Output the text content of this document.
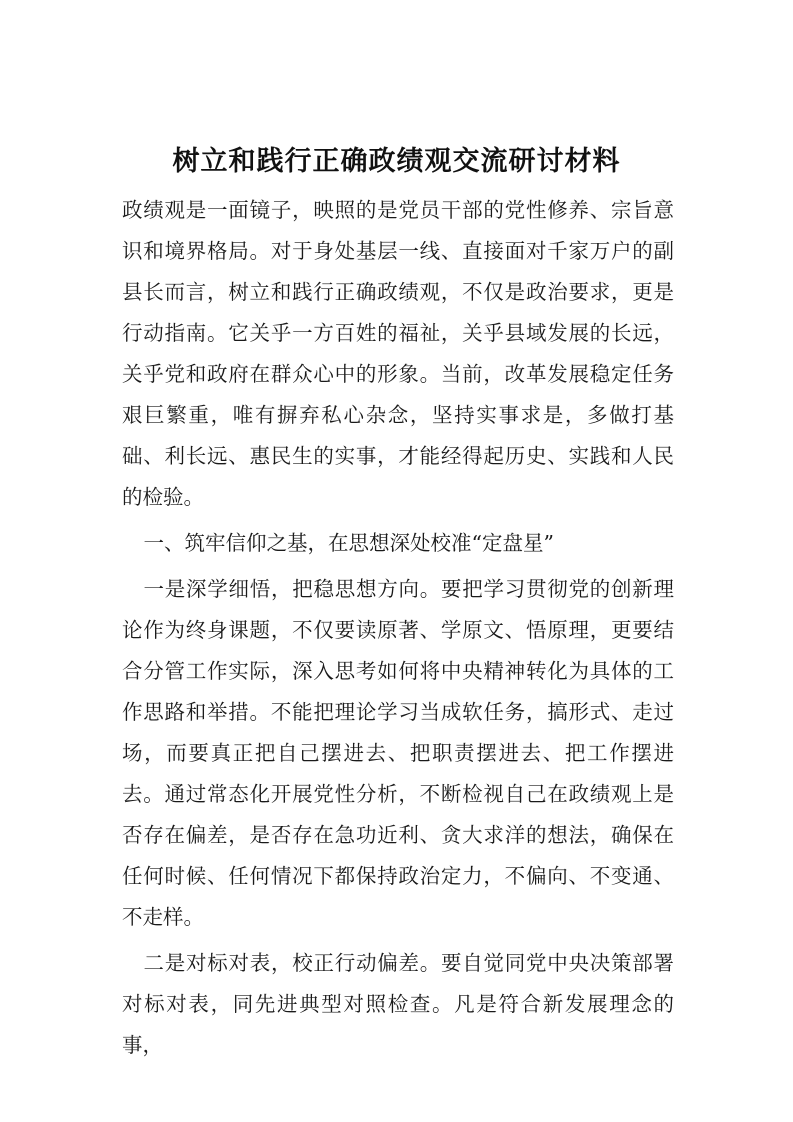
树立和践行正确政绩观交流研讨材料

政绩观是一面镜子，映照的是党员干部的党性修养、宗旨意识和境界格局。对于身处基层一线、直接面对千家万户的副县长而言，树立和践行正确政绩观，不仅是政治要求，更是行动指南。它关乎一方百姓的福祉，关乎县域发展的长远，关乎党和政府在群众心中的形象。当前，改革发展稳定任务艰巨繁重，唯有摒弃私心杂念，坚持实事求是，多做打基础、利长远、惠民生的实事，才能经得起历史、实践和人民的检验。

一、筑牢信仰之基，在思想深处校准“定盘星”

一是深学细悟，把稳思想方向。要把学习贯彻党的创新理论作为终身课题，不仅要读原著、学原文、悟原理，更要结合分管工作实际，深入思考如何将中央精神转化为具体的工作思路和举措。不能把理论学习当成软任务，搞形式、走过场，而要真正把自己摆进去、把职责摆进去、把工作摆进去。通过常态化开展党性分析，不断检视自己在政绩观上是否存在偏差，是否存在急功近利、贪大求洋的想法，确保在任何时候、任何情况下都保持政治定力，不偏向、不变通、不走样。

二是对标对表，校正行动偏差。要自觉同党中央决策部署对标对表，同先进典型对照检查。凡是符合新发展理念的事，
